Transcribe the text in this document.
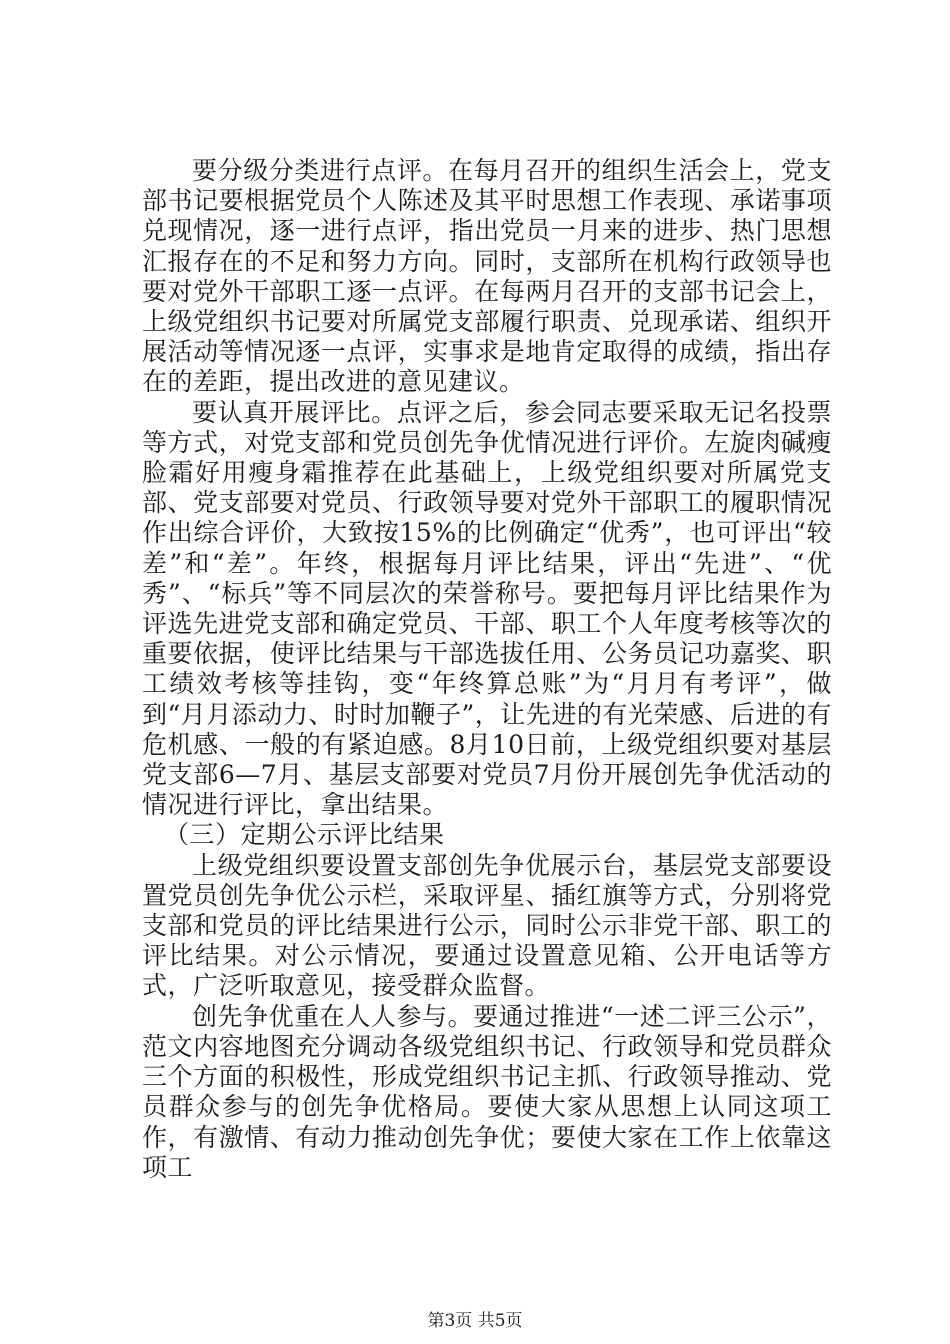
要分级分类进行点评。在每月召开的组织生活会上，党支部书记要根据党员个人陈述及其平时思想工作表现、承诺事项兑现情况，逐一进行点评，指出党员一月来的进步、热门思想汇报存在的不足和努力方向。同时，支部所在机构行政领导也要对党外干部职工逐一点评。在每两月召开的支部书记会上，上级党组织书记要对所属党支部履行职责、兑现承诺、组织开展活动等情况逐一点评，实事求是地肯定取得的成绩，指出存在的差距，提出改进的意见建议。

要认真开展评比。点评之后，参会同志要采取无记名投票等方式，对党支部和党员创先争优情况进行评价。左旋肉碱瘦脸霜好用瘦身霜推荐在此基础上，上级党组织要对所属党支部、党支部要对党员、行政领导要对党外干部职工的履职情况作出综合评价，大致按15%的比例确定“优秀”，也可评出“较差”和“差”。年终，根据每月评比结果，评出“先进”、“优秀”、“标兵”等不同层次的荣誉称号。要把每月评比结果作为评选先进党支部和确定党员、干部、职工个人年度考核等次的重要依据，使评比结果与干部选拔任用、公务员记功嘉奖、职工绩效考核等挂钩，变“年终算总账”为“月月有考评”，做到“月月添动力、时时加鞭子”，让先进的有光荣感、后进的有危机感、一般的有紧迫感。8月10日前，上级党组织要对基层党支部6—7月、基层支部要对党员7月份开展创先争优活动的情况进行评比，拿出结果。

（三）定期公示评比结果

上级党组织要设置支部创先争优展示台，基层党支部要设置党员创先争优公示栏，采取评星、插红旗等方式，分别将党支部和党员的评比结果进行公示，同时公示非党干部、职工的评比结果。对公示情况，要通过设置意见箱、公开电话等方式，广泛听取意见，接受群众监督。

创先争优重在人人参与。要通过推进“一述二评三公示”，范文内容地图充分调动各级党组织书记、行政领导和党员群众三个方面的积极性，形成党组织书记主抓、行政领导推动、党员群众参与的创先争优格局。要使大家从思想上认同这项工作，有激情、有动力推动创先争优；要使大家在工作上依靠这项工

第3页 共5页
